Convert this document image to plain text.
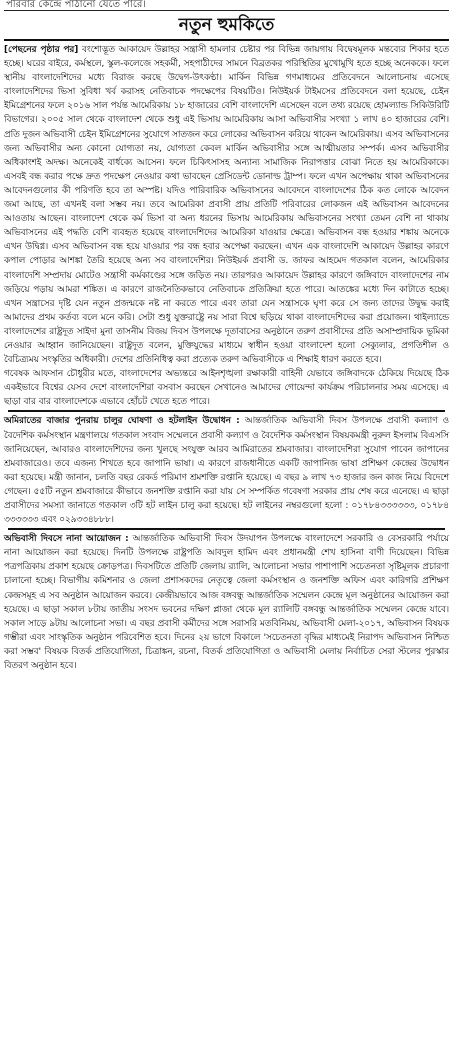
পরিবার কেন্দ্রে পাঠানো যেতে পারে।
নতুন হুমকিতে

[পেছনের পৃষ্ঠার পর] বংশোদ্ভূত আকায়েদ উল্লাহর সন্ত্রাসী হামলার চেষ্টার পর বিভিন্ন জায়গায় বিদ্বেষমূলক মন্তব্যের শিকার হতে হচ্ছে। ঘরের বাইরে, কর্মস্থলে, স্কুল-কলেজে সহকর্মী, সহপাঠীদের সামনে বিব্রতকর পরিস্থিতির মুখোমুখি হতে হচ্ছে অনেককে। ফলে স্থানীয় বাংলাদেশিদের মধ্যে বিরাজ করছে উদ্বেগ-উৎকণ্ঠা। মার্কিন বিভিন্ন গণমাধ্যমের প্রতিবেদনে আলোচনায় এসেছে বাংলাদেশিদের ভিসা সুবিধা খর্ব করাসহ নেতিবাচক পদক্ষেপের বিষয়টিও। নিউইয়র্ক টাইমসের প্রতিবেদনে বলা হয়েছে, চেইন ইমিগ্রেশনের ফলে ২০১৬ সাল পর্যন্ত আমেরিকায় ১৮ হাজারের বেশি বাংলাদেশি এসেছেন বলে তথ্য রয়েছে হোমল্যান্ড সিকিউরিটি বিভাগের। ২০০৫ সাল থেকে বাংলাদেশ থেকে শুধু এই ভিসায় আমেরিকায় আসা অভিবাসীর সংখ্যা ১ লাখ ৪০ হাজারের বেশি। প্রতি দুজন অভিবাসী চেইন ইমিগ্রেশনের সুযোগে সাতজন করে লোকের অভিবাসন করিয়ে থাকেন আমেরিকায়। এসব অভিবাসনের জন্য অভিবাসীর অন্য কোনো যোগ্যতা নয়, যোগ্যতা কেবল মার্কিন অভিবাসীর সঙ্গে আত্মীয়তার সম্পর্ক। এসব অভিবাসীর অধিকাংশই অদক্ষ। অনেকেই বার্ধক্যে আসেন। ফলে চিকিৎসাসহ অন্যান্য সামাজিক নিরাপত্তার বোঝা নিতে হয় আমেরিকাকে। এসবই বন্ধ করার পক্ষে দ্রুত পদক্ষেপ নেওয়ার কথা ভাবছেন প্রেসিডেন্ট ডোনাল্ড ট্রাম্প। ফলে এখন অপেক্ষায় থাকা অভিবাসনের আবেদনগুলোর কী পরিণতি হবে তা অস্পষ্ট। যদিও পারিবারিক অভিবাসনের আবেদনে বাংলাদেশের ঠিক কত লোকে আবেদন জমা আছে, তা এখনই বলা সম্ভব নয়। তবে আমেরিকা প্রবাসী প্রায় প্রতিটি পরিবারের লোকজন এই অভিবাসন আবেদনের আওতায় আছেন। বাংলাদেশ থেকে কর্ম ভিসা বা অন্য ধরনের ভিসায় আমেরিকায় অভিবাসনের সংখ্যা তেমন বেশি না থাকায় অভিবাসনের এই পদ্ধতি বেশি ব্যবহৃত হয়েছে বাংলাদেশিদের আমেরিকা যাওয়ার ক্ষেত্রে। অভিবাসন বন্ধ হওয়ার শঙ্কায় অনেকে এখন উদ্বিগ্ন। এসব অভিবাসন বন্ধ হয়ে যাওয়ার পর বন্ধ হবার অপেক্ষা করছেন। এখন এক বাংলাদেশি আকায়েদ উল্লাহর কারণে কপাল পোড়ার আশঙ্কা তৈরি হয়েছে অন্য সব বাংলাদেশির। নিউইয়র্ক প্রবাসী ড. জাফর আহমেদ গতকাল বলেন, আমেরিকার বাংলাদেশি সম্প্রদায় মোটেও সন্ত্রাসী কর্মকাণ্ডের সঙ্গে জড়িত নয়। তারপরও আকায়েদ উল্লাহর কারণে জঙ্গিবাদে বাংলাদেশের নাম জড়িয়ে পড়ায় আমরা শঙ্কিত। এ কারণে রাজনৈতিকভাবে নেতিবাচক প্রতিক্রিয়া হতে পারে। আতঙ্কের মধ্যে দিন কাটাতে হচ্ছে। এখন সন্ত্রাসের দৃষ্টি যেন নতুন প্রজন্মকে নষ্ট না করতে পারে এবং তারা যেন সন্ত্রাসকে ঘৃণা করে সে জন্য তাদের উদ্বুদ্ধ করাই আমাদের প্রথম কর্তব্য বলে মনে করি। সেটা শুধু যুক্তরাষ্ট্রে নয় সারা বিশ্বে ছড়িয়ে থাকা বাংলাদেশিদের করা প্রয়োজন। থাইল্যান্ডে বাংলাদেশের রাষ্ট্রদূত সাইদা মুনা তাসনীম বিজয় দিবস উপলক্ষে দূতাবাসের অনুষ্ঠানে তরুণ প্রবাসীদের প্রতি অসাম্প্রদায়িক ভূমিকা নেওয়ার আহ্বান জানিয়েছেন। রাষ্ট্রদূত বলেন, মুক্তিযুদ্ধের মাধ্যমে স্বাধীন হওয়া বাংলাদেশ হলো সেক্যুলার, প্রগতিশীল ও বৈচিত্র্যময় সংস্কৃতির অধিকারী। দেশের প্রতিনিধিত্ব করা প্রত্যেক তরুণ অভিবাসীকে এ শিক্ষাই ধারণ করতে হবে।

গবেষক আফসান চৌধুরীর মতে, বাংলাদেশের অভ্যন্তরে আইনশৃঙ্খলা রক্ষাকারী বাহিনী যেভাবে জঙ্গিবাদকে ঠেকিয়ে দিয়েছে ঠিক একইভাবে বিশ্বের যেসব দেশে বাংলাদেশিরা বসবাস করছেন সেখানেও আমাদের গোয়েন্দা কার্যক্রম পরিচালনার সময় এসেছে। এ ছাড়া বার বার বাংলাদেশকে এভাবে হোঁচট খেতে হতে পারে।

অমিরাতের বাজার পুনরায় চালুর ঘোষণা ও হটলাইন উদ্বোধন : আন্তর্জাতিক অভিবাসী দিবস উপলক্ষে প্রবাসী কল্যাণ ও বৈদেশিক কর্মসংস্থান মন্ত্রণালয়ে গতকাল সংবাদ সম্মেলনে প্রবাসী কল্যাণ ও বৈদেশিক কর্মসংস্থান বিষয়কমন্ত্রী নুরুল ইসলাম বিএসসি জানিয়েছেন, আবারও বাংলাদেশিদের জন্য খুলছে সংযুক্ত আরব আমিরাতের শ্রমবাজার। বাংলাদেশিরা সুযোগ পাবেন জাপানের শ্রমবাজারেও। তবে এজন্য শিখতে হবে জাপানি ভাষা। এ কারণে রাজধানীতে একটি জাপানিজ ভাষা প্রশিক্ষণ কেন্দ্রের উদ্বোধন করা হয়েছে। মন্ত্রী জানান, চলতি বছর রেকর্ড পরিমাণ শ্রমশক্তি রপ্তানি হয়েছে। এ বছর ৯ লাখ ৭৩ হাজার জন কাজ নিয়ে বিদেশে গেছেন। ৫৫টি নতুন শ্রমবাজারে কীভাবে জনশক্তি রপ্তানি করা যায় সে সম্পর্কিত গবেষণা সরকার প্রায় শেষ করে এনেছে। এ ছাড়া প্রবাসীদের সমস্যা জানাতে গতকাল ৩টি হট লাইন চালু করা হয়েছে। হট লাইনের নম্বরগুলো হলো : ০১৭৮৪৩৩৩৩৩৩, ০১৭৮৪ ৩৩৩৩৩৩ এবং ০২৯৩৩৪৮৮৮।

অভিবাসী দিবসে নানা আয়োজন : আন্তর্জাতিক অভিবাসী দিবস উদযাপন উপলক্ষে বাংলাদেশে সরকারি ও বেসরকারি পর্যায়ে নানা আয়োজন করা হয়েছে। দিনটি উপলক্ষে রাষ্ট্রপতি আবদুল হামিদ এবং প্রধানমন্ত্রী শেখ হাসিনা বাণী দিয়েছেন। বিভিন্ন পত্রপত্রিকায় প্রকাশ হয়েছে ক্রোড়পত্র। দিবসটিতে প্রতিটি জেলায় র‍্যালি, আলোচনা সভার পাশাপাশি সচেতনতা সৃষ্টিমূলক প্রচারণা চালানো হচ্ছে। বিভাগীয় কমিশনার ও জেলা প্রশাসকদের নেতৃত্বে জেলা কর্মসংস্থান ও জনশক্তি অফিস এবং কারিগরি প্রশিক্ষণ কেন্দ্রসমূহ এ সব অনুষ্ঠান আয়োজন করবে। কেন্দ্রীয়ভাবে আজ বঙ্গবন্ধু আন্তর্জাতিক সম্মেলন কেন্দ্রে মূল অনুষ্ঠানের আয়োজন করা হয়েছে। এ ছাড়া সকাল ৮টায় জাতীয় সংসদ ভবনের দক্ষিণ প্লাজা থেকে মূল র‍্যালিটি বঙ্গবন্ধু আন্তর্জাতিক সম্মেলন কেন্দ্রে যাবে। সকাল সাড়ে ৯টায় আলোচনা সভা। এ বছর প্রবাসী কর্মীদের সঙ্গে সরাসরি মতবিনিময়, অভিবাসী মেলা-২০১৭, অভিবাসন বিষয়ক গম্ভীরা এবং সাংস্কৃতিক অনুষ্ঠান পরিবেশিত হবে। দিনের ২য় ভাগে বিকালে 'সচেতনতা বৃদ্ধির মাধ্যমেই নিরাপদ অভিবাসন নিশ্চিত করা সম্ভব' বিষয়ক বিতর্ক প্রতিযোগিতা, চিত্রাঙ্কন, রচনা, বিতর্ক প্রতিযোগিতা ও অভিবাসী মেলায় নির্বাচিত সেরা স্টলের পুরস্কার বিতরণ অনুষ্ঠান হবে।
